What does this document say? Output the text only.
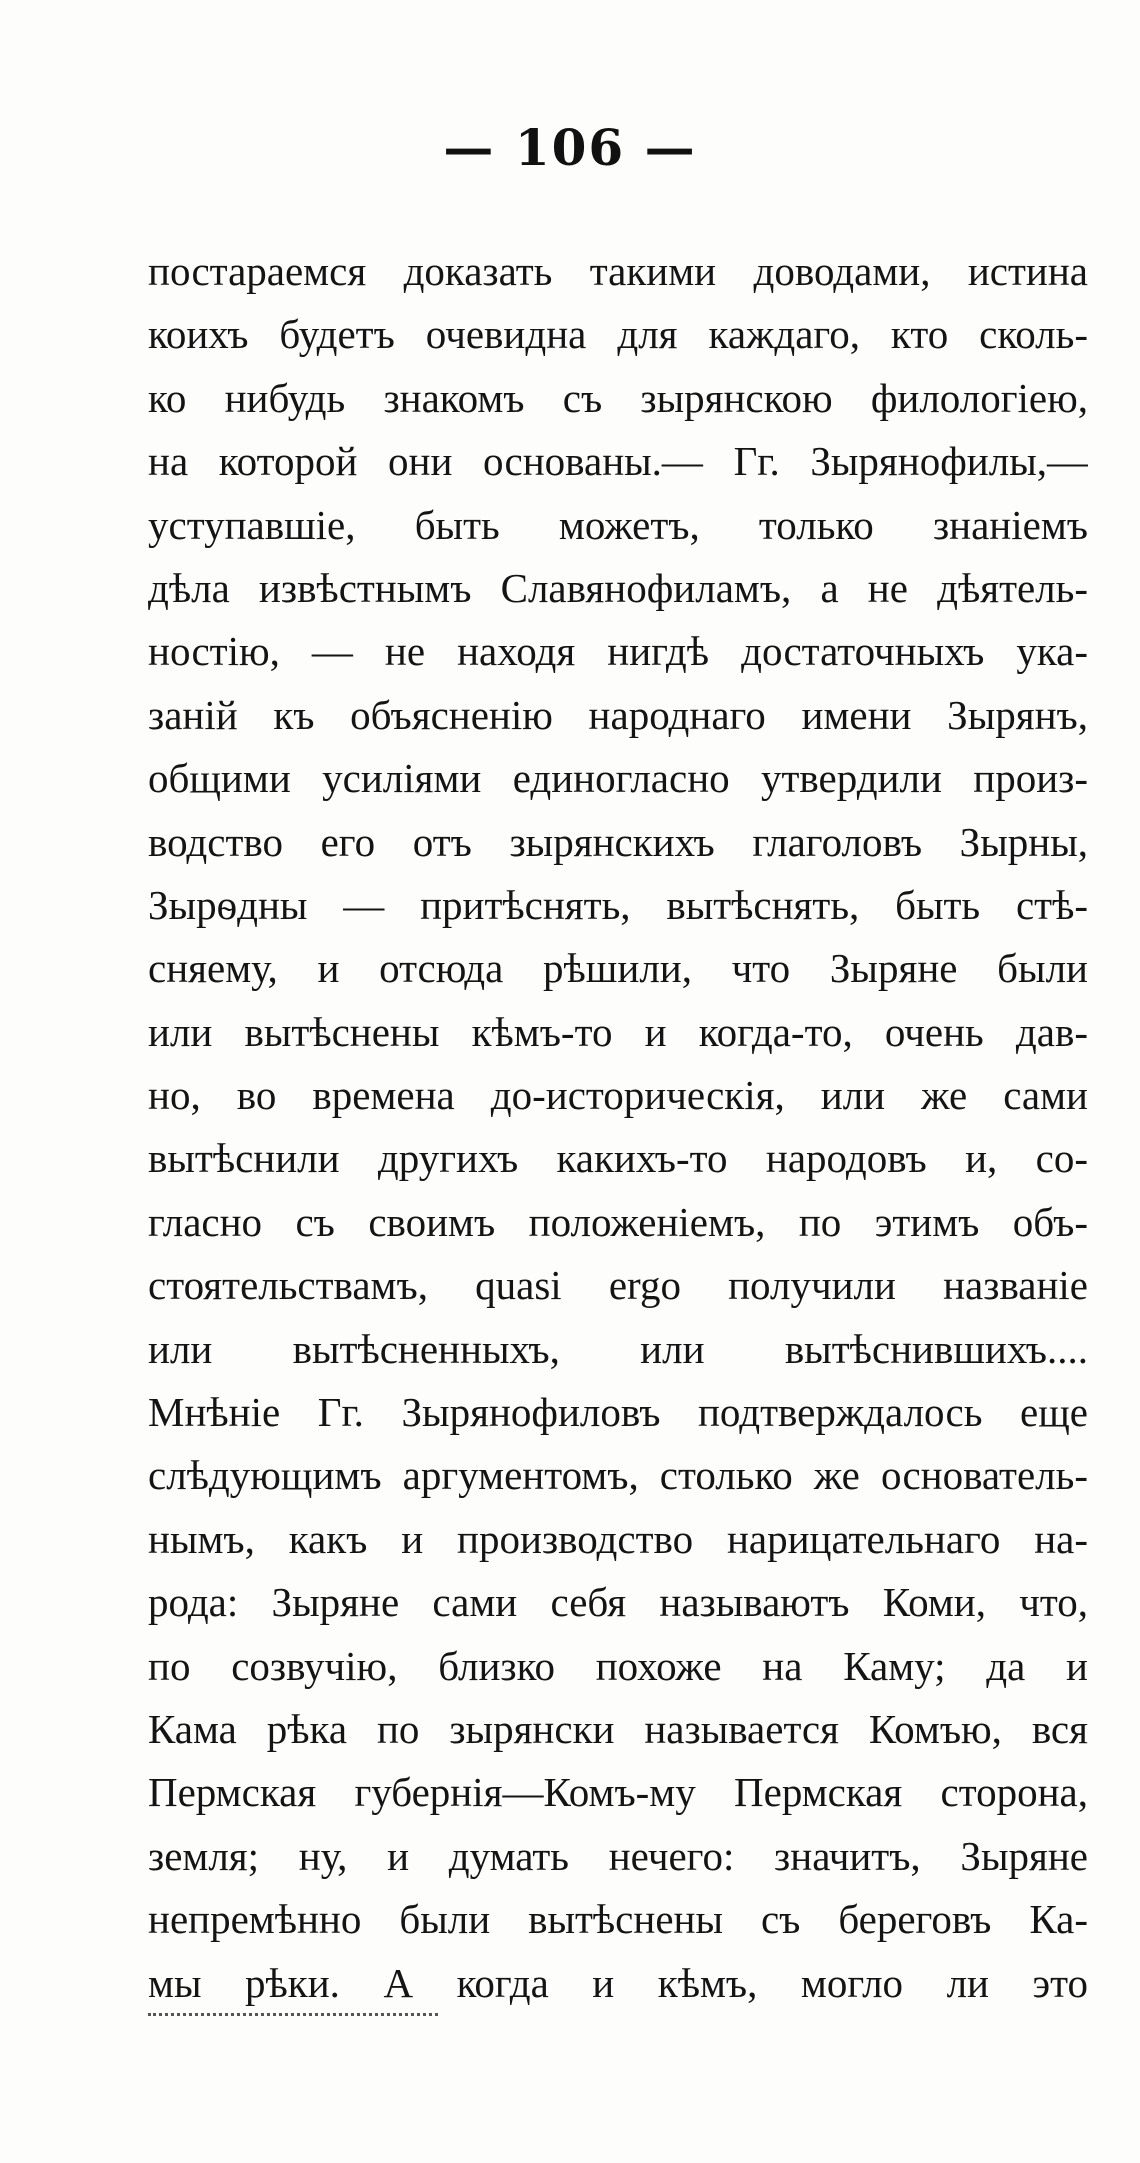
— 106 —
постараемся доказать такими доводами, истина
коихъ будетъ очевидна для каждаго, кто сколь-
ко нибудь знакомъ съ зырянскою филологiею,
на которой они основаны.— Гг. Зырянофилы,—
уступавшiе, быть можетъ, только знанiемъ
дѣла извѣстнымъ Славянофиламъ, а не дѣятель-
ностiю, — не находя нигдѣ достаточныхъ ука-
занiй къ объясненiю народнаго имени Зырянъ,
общими усилiями единогласно утвердили произ-
водство его отъ зырянскихъ глаголовъ Зырны,
Зырѳдны — притѣснять, вытѣснять, быть стѣ-
сняему, и отсюда рѣшили, что Зыряне были
или вытѣснены кѣмъ-то и когда-то, очень дав-
но, во времена до-историческiя, или же сами
вытѣснили другихъ какихъ-то народовъ и, со-
гласно съ своимъ положенiемъ, по этимъ объ-
стоятельствамъ, quasi ergo получили названiе
или вытѣсненныхъ, или вытѣснившихъ....
Мнѣнiе Гг. Зырянофиловъ подтверждалось еще
слѣдующимъ аргументомъ, столько же основатель-
нымъ, какъ и производство нарицательнаго на-
рода: Зыряне сами себя называютъ Коми, что,
по созвучiю, близко похоже на Каму; да и
Кама рѣка по зырянски называется Комъю, вся
Пермская губернiя—Комъ-му Пермская сторона,
земля; ну, и думать нечего: значитъ, Зыряне
непремѣнно были вытѣснены съ береговъ Ка-
мы рѣки. А когда и кѣмъ, могло ли это
